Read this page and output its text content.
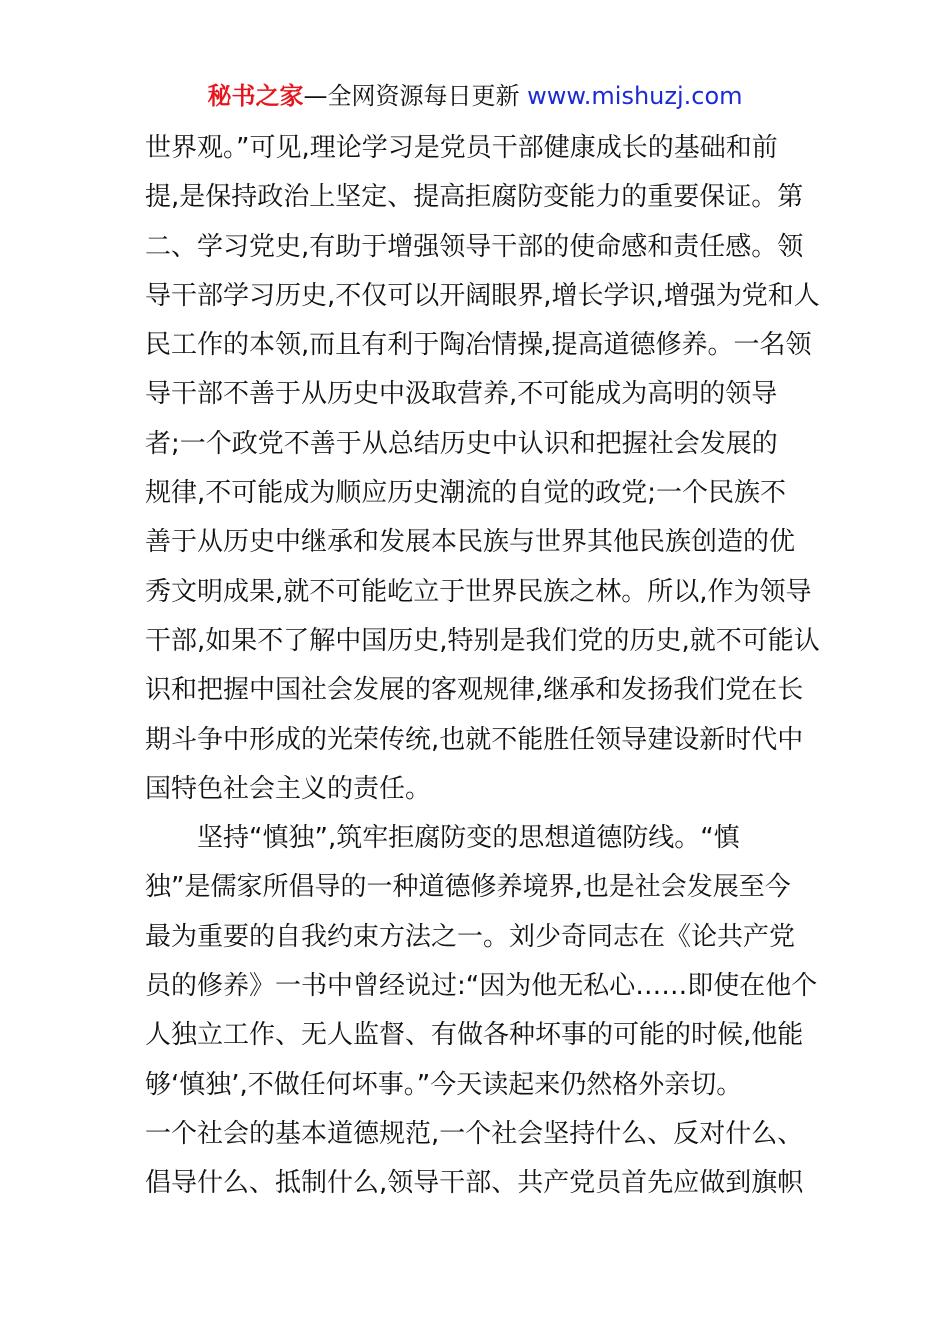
秘书之家—全网资源每日更新 www.mishuzj.com
世界观。”可见,理论学习是党员干部健康成长的基础和前
提,是保持政治上坚定、提高拒腐防变能力的重要保证。第
二、学习党史,有助于增强领导干部的使命感和责任感。领
导干部学习历史,不仅可以开阔眼界,增长学识,增强为党和人
民工作的本领,而且有利于陶冶情操,提高道德修养。一名领
导干部不善于从历史中汲取营养,不可能成为高明的领导
者;一个政党不善于从总结历史中认识和把握社会发展的
规律,不可能成为顺应历史潮流的自觉的政党;一个民族不
善于从历史中继承和发展本民族与世界其他民族创造的优
秀文明成果,就不可能屹立于世界民族之林。所以,作为领导
干部,如果不了解中国历史,特别是我们党的历史,就不可能认
识和把握中国社会发展的客观规律,继承和发扬我们党在长
期斗争中形成的光荣传统,也就不能胜任领导建设新时代中
国特色社会主义的责任。
坚持“慎独”,筑牢拒腐防变的思想道德防线。“慎
独”是儒家所倡导的一种道德修养境界,也是社会发展至今
最为重要的自我约束方法之一。刘少奇同志在《论共产党
员的修养》一书中曾经说过:“因为他无私心……即使在他个
人独立工作、无人监督、有做各种坏事的可能的时候,他能
够‘慎独’,不做任何坏事。”今天读起来仍然格外亲切。
一个社会的基本道德规范,一个社会坚持什么、反对什么、
倡导什么、抵制什么,领导干部、共产党员首先应做到旗帜
